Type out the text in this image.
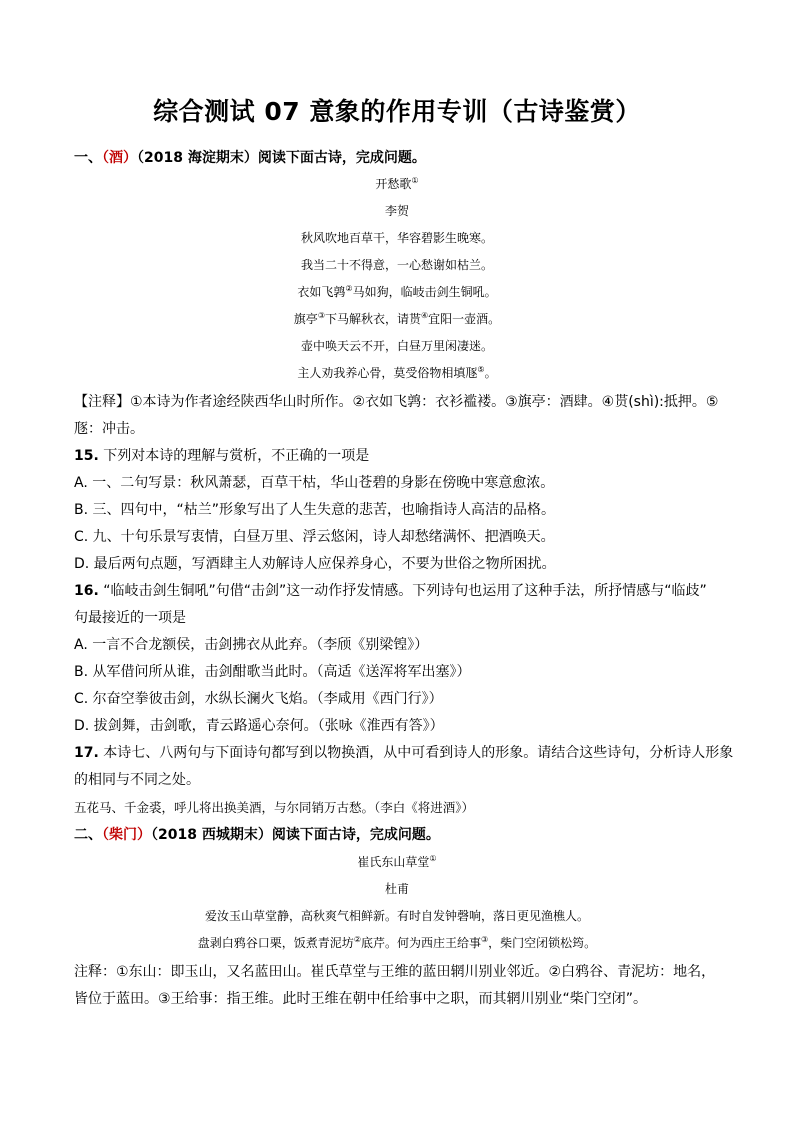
综合测试 07 意象的作用专训（古诗鉴赏）
一、（酒）（2018 海淀期末）阅读下面古诗，完成问题。
开愁歌①
李贺
秋风吹地百草干，华容碧影生晚寒。
我当二十不得意，一心愁谢如枯兰。
衣如飞鹑②马如狗，临岐击剑生铜吼。
旗亭③下马解秋衣，请贳④宜阳一壶酒。
壶中唤天云不开，白昼万里闲凄迷。
主人劝我养心骨，莫受俗物相填豗⑤。
【注释】①本诗为作者途经陕西华山时所作。②衣如飞鹑：衣衫褴褛。③旗亭：酒肆。④贳(shì):抵押。⑤
豗：冲击。
15. 下列对本诗的理解与赏析，不正确的一项是
A. 一、二句写景：秋风萧瑟，百草干枯，华山苍碧的身影在傍晚中寒意愈浓。
B. 三、四句中，“枯兰”形象写出了人生失意的悲苦，也喻指诗人高洁的品格。
C. 九、十句乐景写衷情，白昼万里、浮云悠闲，诗人却愁绪满怀、把酒唤天。
D. 最后两句点题，写酒肆主人劝解诗人应保养身心，不要为世俗之物所困扰。
16. “临岐击剑生铜吼”句借“击剑”这一动作抒发情感。下列诗句也运用了这种手法，所抒情感与“临歧”
句最接近的一项是
A. 一言不合龙额侯，击剑拂衣从此弃。（李颀《别梁锽》）
B. 从军借问所从谁，击剑酣歌当此时。（高适《送浑将军出塞》）
C. 尔奋空拳彼击剑，水纵长澜火飞焰。（李咸用《西门行》）
D. 拔剑舞，击剑歌，青云路遥心奈何。（张咏《淮西有答》）
17. 本诗七、八两句与下面诗句都写到以物换酒，从中可看到诗人的形象。请结合这些诗句，分析诗人形象
的相同与不同之处。
五花马、千金裘，呼儿将出换美酒，与尔同销万古愁。（李白《将进酒》）
二、（柴门）（2018 西城期末）阅读下面古诗，完成问题。
崔氏东山草堂①
杜甫
爱汝玉山草堂静，高秋爽气相鲜新。有时自发钟磬响，落日更见渔樵人。
盘剥白鸦谷口栗，饭煮青泥坊②底芹。何为西庄王给事③，柴门空闭锁松筠。
注释：①东山：即玉山，又名蓝田山。崔氏草堂与王维的蓝田辋川别业邻近。②白鸦谷、青泥坊：地名，
皆位于蓝田。③王给事：指王维。此时王维在朝中任给事中之职，而其辋川别业“柴门空闭”。
